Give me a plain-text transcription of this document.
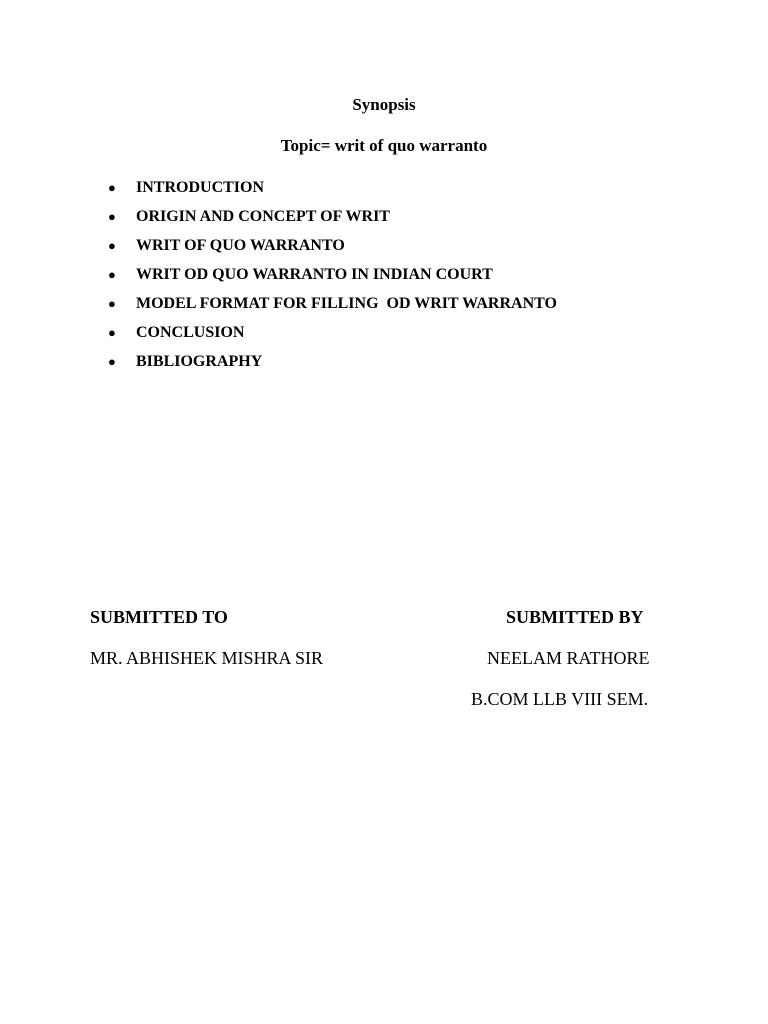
Synopsis
Topic= writ of quo warranto
● INTRODUCTION
● ORIGIN AND CONCEPT OF WRIT
● WRIT OF QUO WARRANTO
● WRIT OD QUO WARRANTO IN INDIAN COURT
● MODEL FORMAT FOR FILLING  OD WRIT WARRANTO
● CONCLUSION
● BIBLIOGRAPHY
SUBMITTED TO	SUBMITTED BY
MR. ABHISHEK MISHRA SIR	NEELAM RATHORE
B.COM LLB VIII SEM.
